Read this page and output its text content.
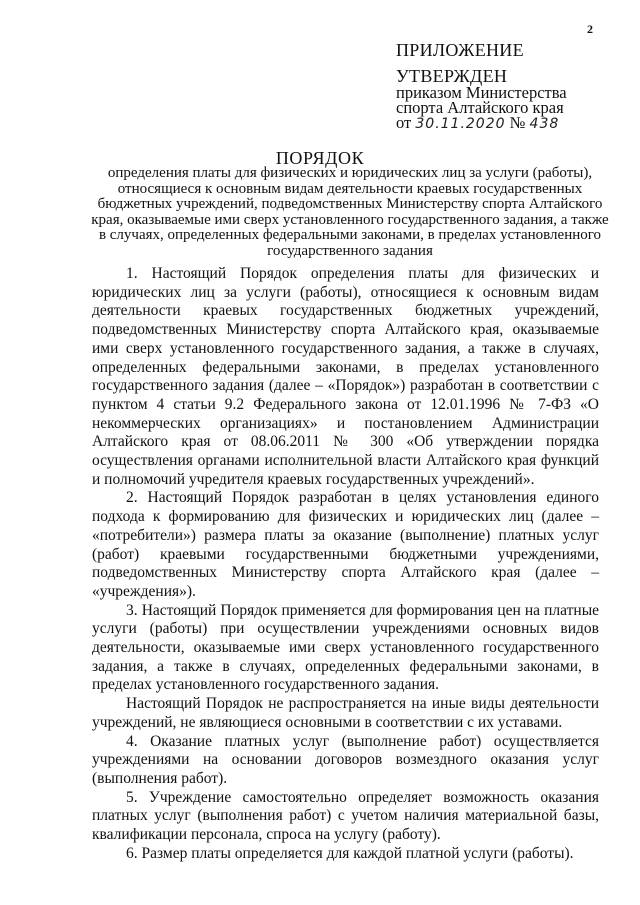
2
ПРИЛОЖЕНИЕ
УТВЕРЖДЕН
приказом Министерства
спорта Алтайского края
от 30.11.2020 № 438
ПОРЯДОК
определения платы для физических и юридических лиц за услуги (работы), относящиеся к основным видам деятельности краевых государственных бюджетных учреждений, подведомственных Министерству спорта Алтайского края, оказываемые ими сверх установленного государственного задания, а также в случаях, определенных федеральными законами, в пределах установленного государственного задания

1. Настоящий Порядок определения платы для физических и юридических лиц за услуги (работы), относящиеся к основным видам деятельности краевых государственных бюджетных учреждений, подведомственных Министерству спорта Алтайского края, оказываемые ими сверх установленного государственного задания, а также в случаях, определенных федеральными законами, в пределах установленного государственного задания (далее – «Порядок») разработан в соответствии с пунктом 4 статьи 9.2 Федерального закона от 12.01.1996 № 7-ФЗ «О некоммерческих организациях» и постановлением Администрации Алтайского края от 08.06.2011 № 300 «Об утверждении порядка осуществления органами исполнительной власти Алтайского края функций и полномочий учредителя краевых государственных учреждений».

2. Настоящий Порядок разработан в целях установления единого подхода к формированию для физических и юридических лиц (далее – «потребители») размера платы за оказание (выполнение) платных услуг (работ) краевыми государственными бюджетными учреждениями, подведомственных Министерству спорта Алтайского края (далее – «учреждения»).

3. Настоящий Порядок применяется для формирования цен на платные услуги (работы) при осуществлении учреждениями основных видов деятельности, оказываемые ими сверх установленного государственного задания, а также в случаях, определенных федеральными законами, в пределах установленного государственного задания.

Настоящий Порядок не распространяется на иные виды деятельности учреждений, не являющиеся основными в соответствии с их уставами.

4. Оказание платных услуг (выполнение работ) осуществляется учреждениями на основании договоров возмездного оказания услуг (выполнения работ).

5. Учреждение самостоятельно определяет возможность оказания платных услуг (выполнения работ) с учетом наличия материальной базы, квалификации персонала, спроса на услугу (работу).

6. Размер платы определяется для каждой платной услуги (работы).
